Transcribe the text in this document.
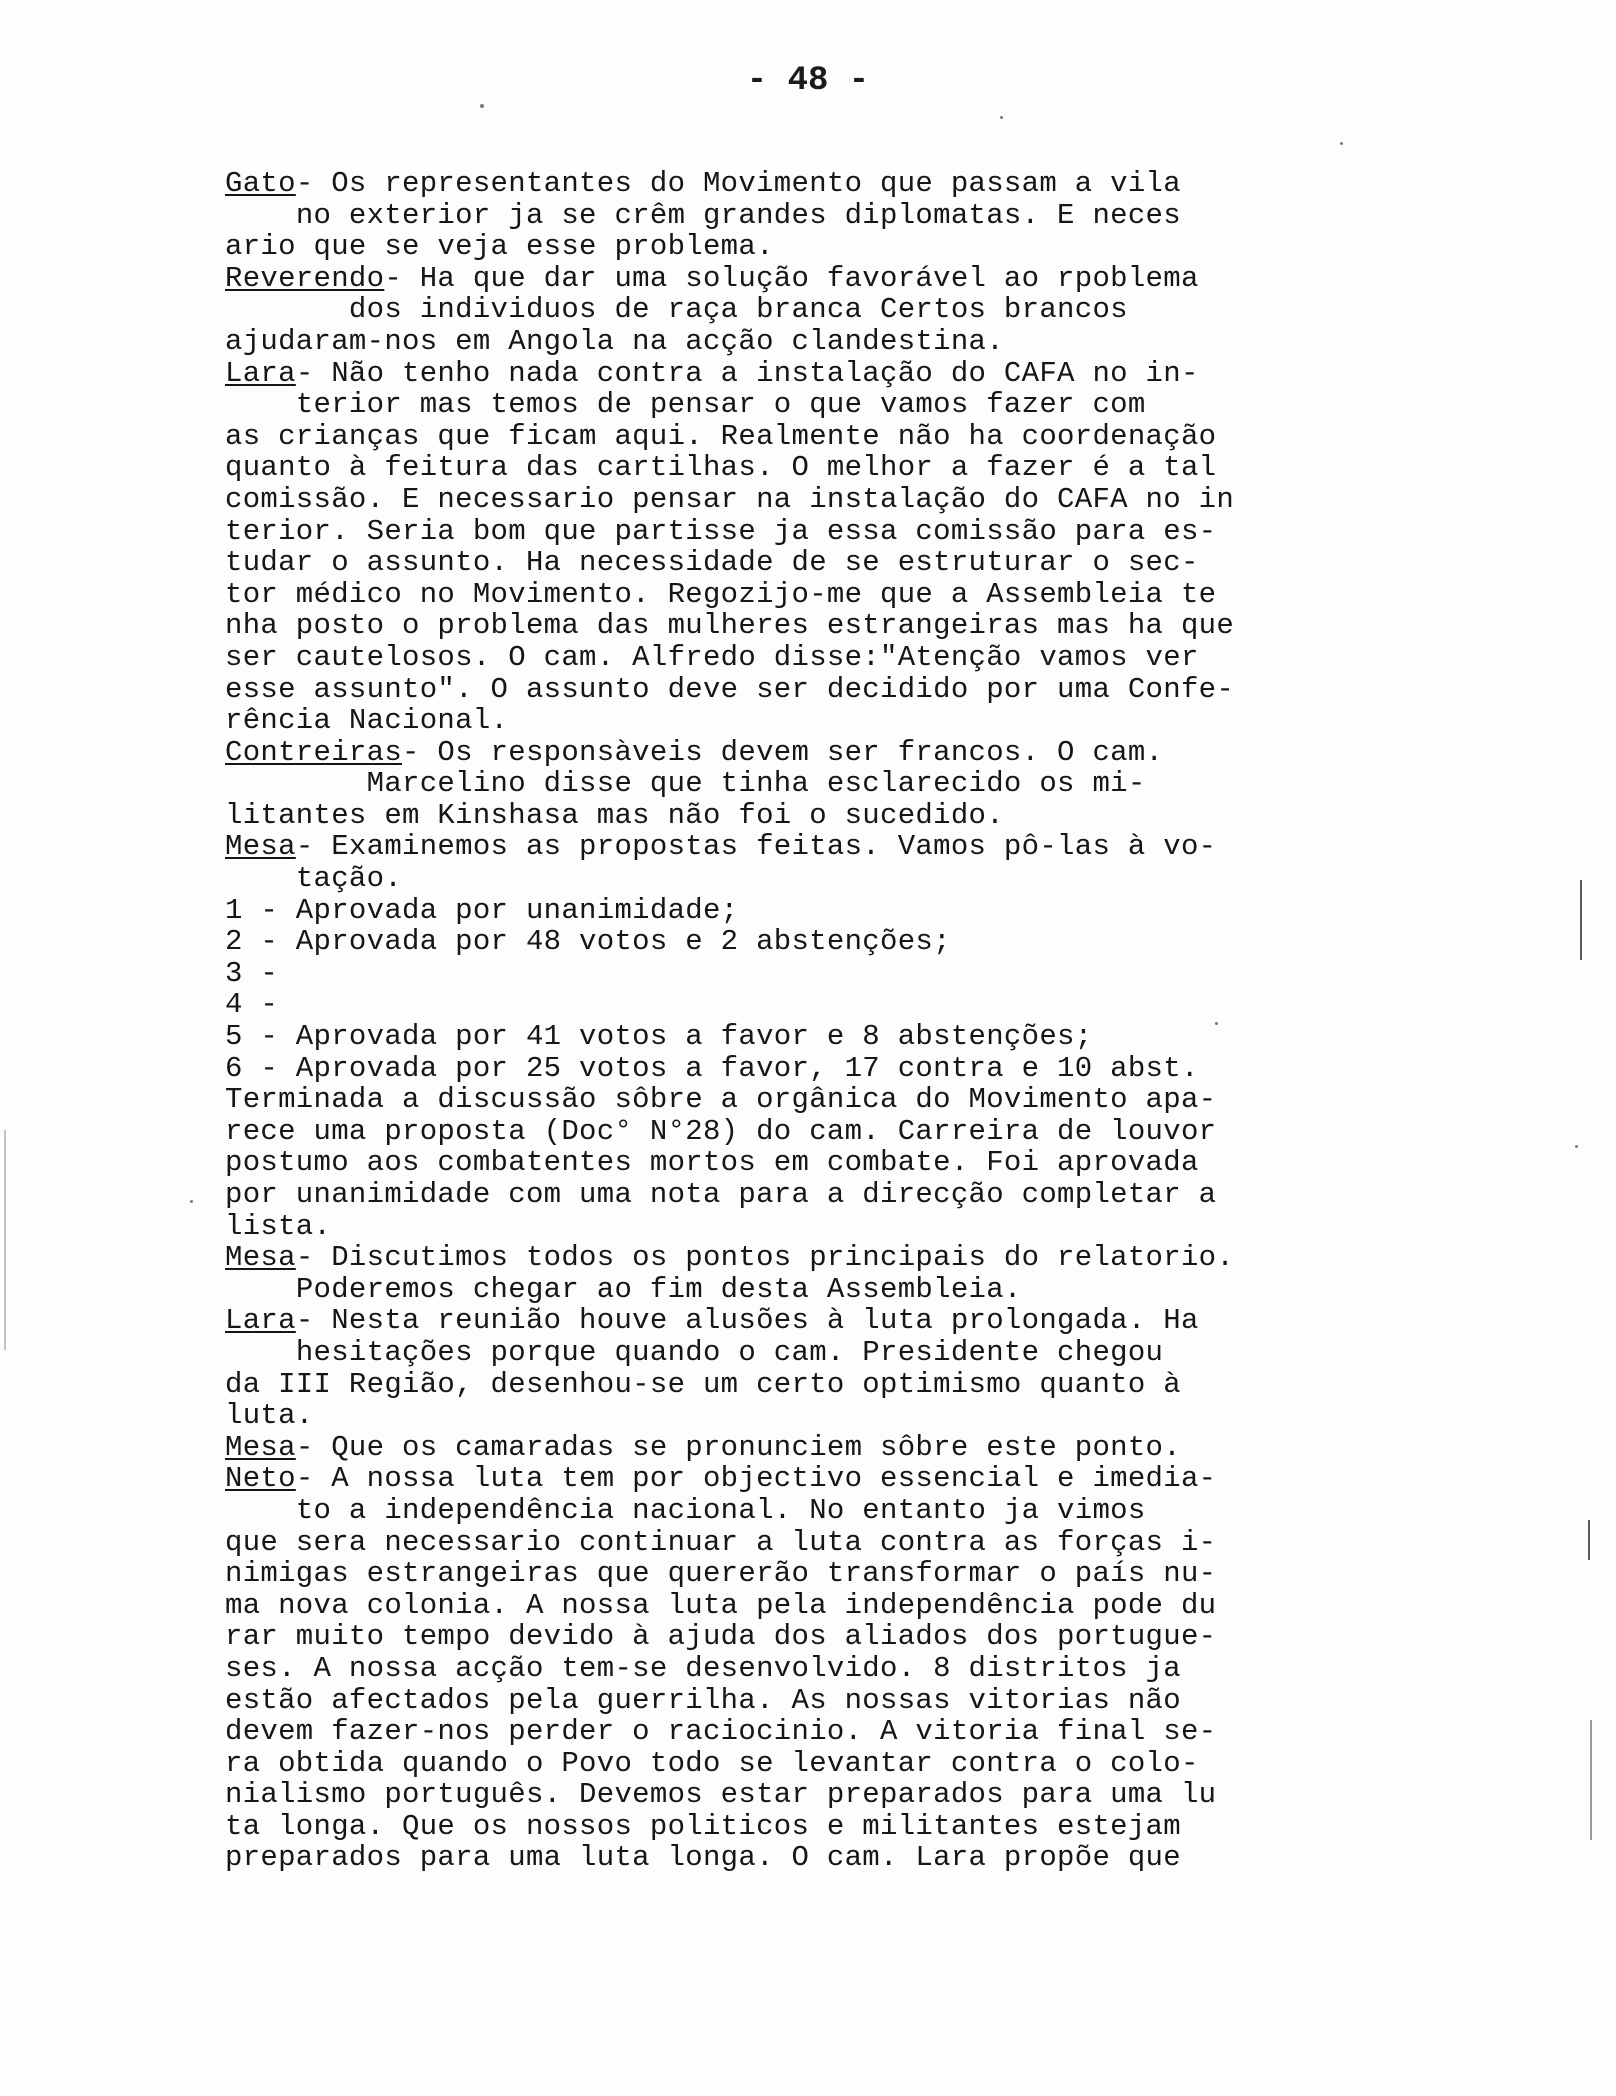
- 48 -
Gato- Os representantes do Movimento que passam a vila
no exterior ja se crêm grandes diplomatas. E neces
ario que se veja esse problema.
Reverendo- Ha que dar uma solução favorável ao rpoblema
dos individuos de raça branca Certos brancos
ajudaram-nos em Angola na acção clandestina.
Lara- Não tenho nada contra a instalação do CAFA no in-
terior mas temos de pensar o que vamos fazer com
as crianças que ficam aqui. Realmente não ha coordenação
quanto à feitura das cartilhas. O melhor a fazer é a tal
comissão. E necessario pensar na instalação do CAFA no in
terior. Seria bom que partisse ja essa comissão para es-
tudar o assunto. Ha necessidade de se estruturar o sec-
tor médico no Movimento. Regozijo-me que a Assembleia te
nha posto o problema das mulheres estrangeiras mas ha que
ser cautelosos. O cam. Alfredo disse:"Atenção vamos ver
esse assunto". O assunto deve ser decidido por uma Confe-
rência Nacional.
Contreiras- Os responsàveis devem ser francos. O cam.
Marcelino disse que tinha esclarecido os mi-
litantes em Kinshasa mas não foi o sucedido.
Mesa- Examinemos as propostas feitas. Vamos pô-las à vo-
tação.
1 - Aprovada por unanimidade;
2 - Aprovada por 48 votos e 2 abstenções;
3 -
4 -
5 - Aprovada por 41 votos a favor e 8 abstenções;
6 - Aprovada por 25 votos a favor, 17 contra e 10 abst.
Terminada a discussão sôbre a orgânica do Movimento apa-
rece uma proposta (Doc° N°28) do cam. Carreira de louvor
postumo aos combatentes mortos em combate. Foi aprovada
por unanimidade com uma nota para a direcção completar a
lista.
Mesa- Discutimos todos os pontos principais do relatorio.
Poderemos chegar ao fim desta Assembleia.
Lara- Nesta reunião houve alusões à luta prolongada. Ha
hesitações porque quando o cam. Presidente chegou
da III Região, desenhou-se um certo optimismo quanto à
luta.
Mesa- Que os camaradas se pronunciem sôbre este ponto.
Neto- A nossa luta tem por objectivo essencial e imedia-
to a independência nacional. No entanto ja vimos
que sera necessario continuar a luta contra as forças i-
nimigas estrangeiras que quererão transformar o país nu-
ma nova colonia. A nossa luta pela independência pode du
rar muito tempo devido à ajuda dos aliados dos portugue-
ses. A nossa acção tem-se desenvolvido. 8 distritos ja
estão afectados pela guerrilha. As nossas vitorias não
devem fazer-nos perder o raciocinio. A vitoria final se-
ra obtida quando o Povo todo se levantar contra o colo-
nialismo português. Devemos estar preparados para uma lu
ta longa. Que os nossos politicos e militantes estejam
preparados para uma luta longa. O cam. Lara propõe que
